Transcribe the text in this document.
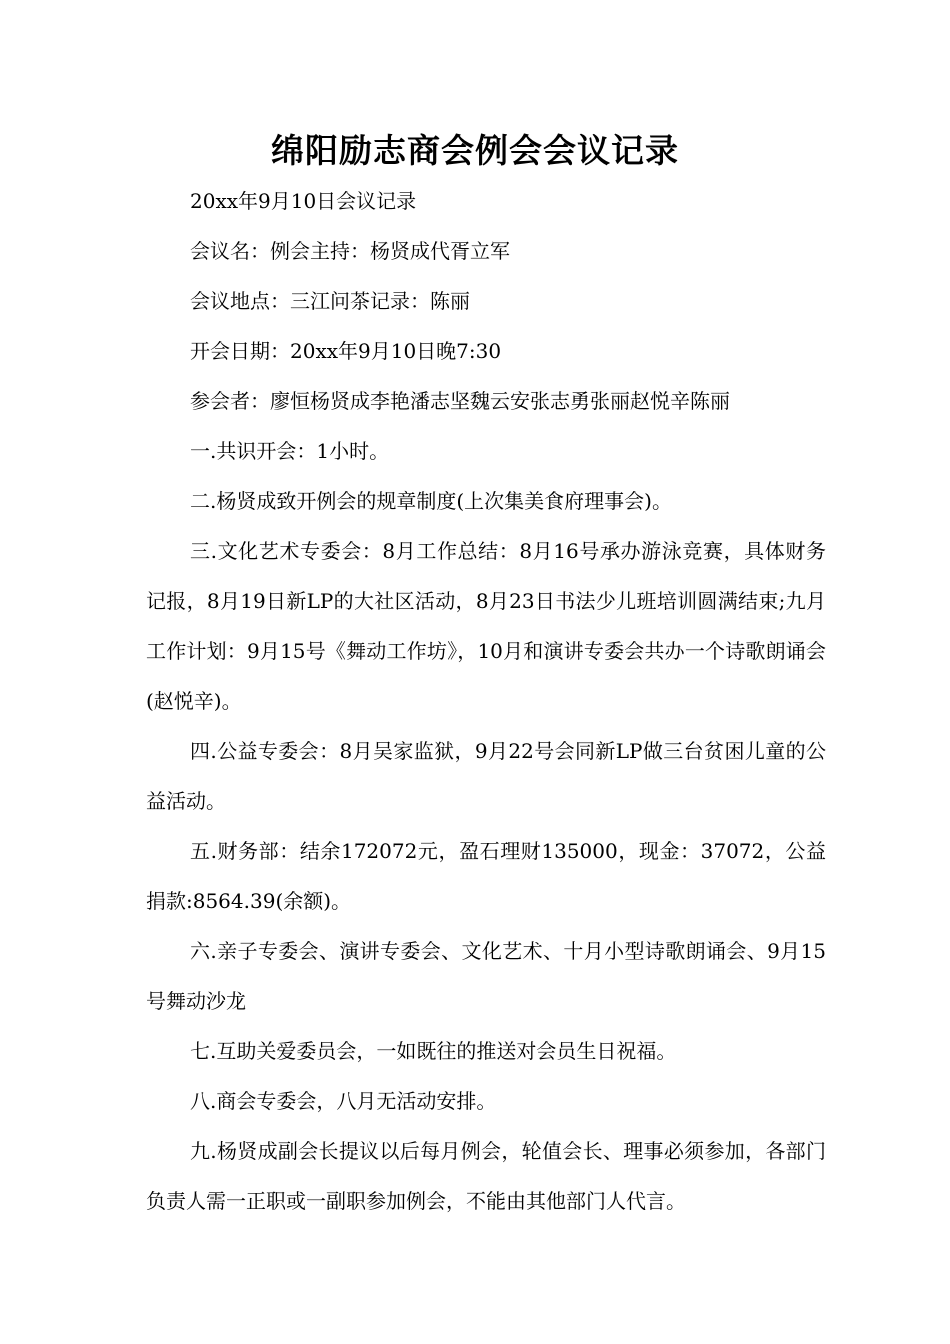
绵阳励志商会例会会议记录

20xx年9月10日会议记录

会议名：例会主持：杨贤成代胥立军

会议地点：三江问茶记录：陈丽

开会日期：20xx年9月10日晚7:30

参会者：廖恒杨贤成李艳潘志坚魏云安张志勇张丽赵悦辛陈丽

一.共识开会：1小时。

二.杨贤成致开例会的规章制度(上次集美食府理事会)。

三.文化艺术专委会：8月工作总结：8月16号承办游泳竞赛，具体财务记报，8月19日新LP的大社区活动，8月23日书法少儿班培训圆满结束;九月工作计划：9月15号《舞动工作坊》，10月和演讲专委会共办一个诗歌朗诵会(赵悦辛)。

四.公益专委会：8月吴家监狱，9月22号会同新LP做三台贫困儿童的公益活动。

五.财务部：结余172072元，盈石理财135000，现金：37072，公益捐款:8564.39(余额)。

六.亲子专委会、演讲专委会、文化艺术、十月小型诗歌朗诵会、9月15号舞动沙龙

七.互助关爱委员会，一如既往的推送对会员生日祝福。

八.商会专委会，八月无活动安排。

九.杨贤成副会长提议以后每月例会，轮值会长、理事必须参加，各部门负责人需一正职或一副职参加例会，不能由其他部门人代言。
